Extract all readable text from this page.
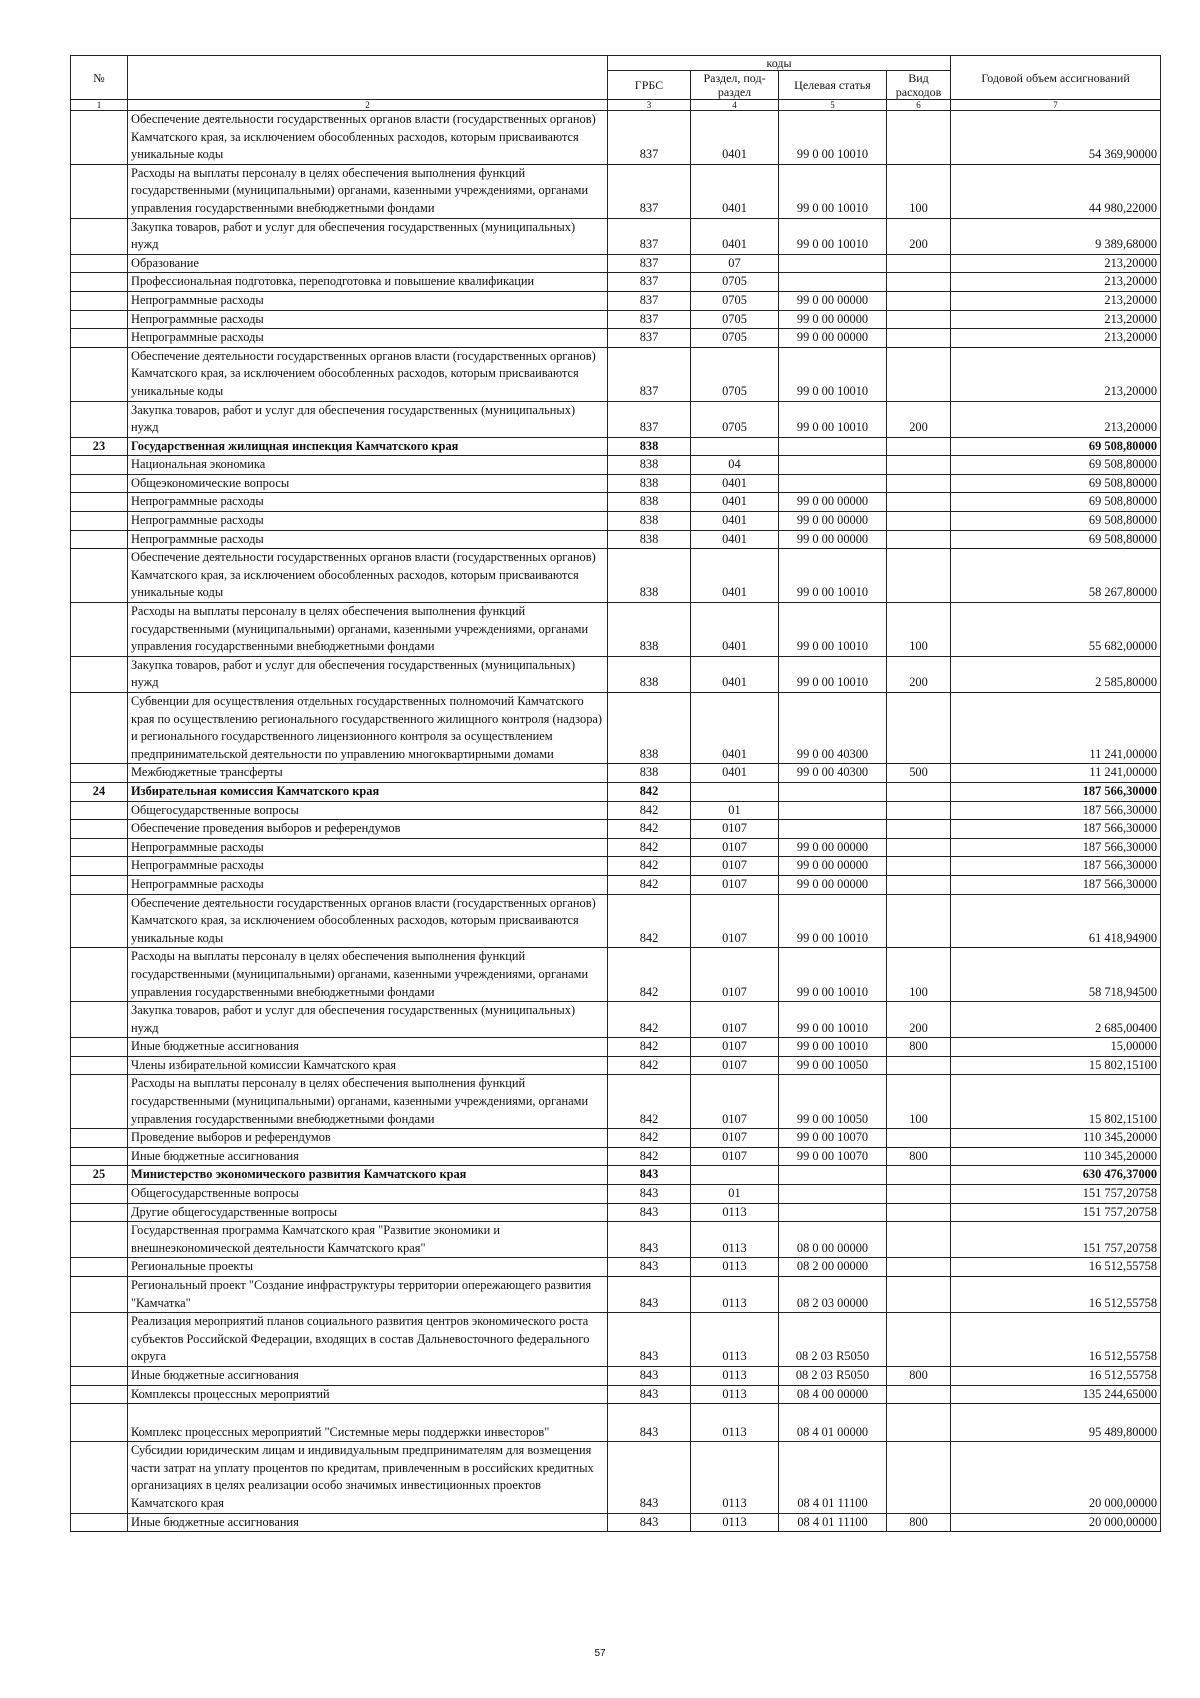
№		коды				Годовой объем ассигнований
		ГРБС	Раздел, под-раздел	Целевая статья	Вид расходов	
1	2	3	4	5	6	7
	Обеспечение деятельности государственных органов власти (государственных органов) Камчатского края, за исключением обособленных расходов, которым присваиваются уникальные коды	837	0401	99 0 00 10010		54 369,90000
	Расходы на выплаты персоналу в целях обеспечения выполнения функций государственными (муниципальными) органами, казенными учреждениями, органами управления государственными внебюджетными фондами	837	0401	99 0 00 10010	100	44 980,22000
	Закупка товаров, работ и услуг для обеспечения государственных (муниципальных) нужд	837	0401	99 0 00 10010	200	9 389,68000
	Образование	837	07			213,20000
	Профессиональная подготовка, переподготовка и повышение квалификации	837	0705			213,20000
	Непрограммные расходы	837	0705	99 0 00 00000		213,20000
	Непрограммные расходы	837	0705	99 0 00 00000		213,20000
	Непрограммные расходы	837	0705	99 0 00 00000		213,20000
	Обеспечение деятельности государственных органов власти (государственных органов) Камчатского края, за исключением обособленных расходов, которым присваиваются уникальные коды	837	0705	99 0 00 10010		213,20000
	Закупка товаров, работ и услуг для обеспечения государственных (муниципальных) нужд	837	0705	99 0 00 10010	200	213,20000
23	Государственная жилищная инспекция Камчатского края	838				69 508,80000
	Национальная экономика	838	04			69 508,80000
	Общеэкономические вопросы	838	0401			69 508,80000
	Непрограммные расходы	838	0401	99 0 00 00000		69 508,80000
	Непрограммные расходы	838	0401	99 0 00 00000		69 508,80000
	Непрограммные расходы	838	0401	99 0 00 00000		69 508,80000
	Обеспечение деятельности государственных органов власти (государственных органов) Камчатского края, за исключением обособленных расходов, которым присваиваются уникальные коды	838	0401	99 0 00 10010		58 267,80000
	Расходы на выплаты персоналу в целях обеспечения выполнения функций государственными (муниципальными) органами, казенными учреждениями, органами управления государственными внебюджетными фондами	838	0401	99 0 00 10010	100	55 682,00000
	Закупка товаров, работ и услуг для обеспечения государственных (муниципальных) нужд	838	0401	99 0 00 10010	200	2 585,80000
	Субвенции для осуществления отдельных государственных полномочий Камчатского края по осуществлению регионального государственного жилищного контроля (надзора) и регионального государственного лицензионного контроля за осуществлением предпринимательской деятельности по управлению многоквартирными домами	838	0401	99 0 00 40300		11 241,00000
	Межбюджетные трансферты	838	0401	99 0 00 40300	500	11 241,00000
24	Избирательная комиссия Камчатского края	842				187 566,30000
	Общегосударственные вопросы	842	01			187 566,30000
	Обеспечение проведения выборов и референдумов	842	0107			187 566,30000
	Непрограммные расходы	842	0107	99 0 00 00000		187 566,30000
	Непрограммные расходы	842	0107	99 0 00 00000		187 566,30000
	Непрограммные расходы	842	0107	99 0 00 00000		187 566,30000
	Обеспечение деятельности государственных органов власти (государственных органов) Камчатского края, за исключением обособленных расходов, которым присваиваются уникальные коды	842	0107	99 0 00 10010		61 418,94900
	Расходы на выплаты персоналу в целях обеспечения выполнения функций государственными (муниципальными) органами, казенными учреждениями, органами управления государственными внебюджетными фондами	842	0107	99 0 00 10010	100	58 718,94500
	Закупка товаров, работ и услуг для обеспечения государственных (муниципальных) нужд	842	0107	99 0 00 10010	200	2 685,00400
	Иные бюджетные ассигнования	842	0107	99 0 00 10010	800	15,00000
	Члены избирательной комиссии Камчатского края	842	0107	99 0 00 10050		15 802,15100
	Расходы на выплаты персоналу в целях обеспечения выполнения функций государственными (муниципальными) органами, казенными учреждениями, органами управления государственными внебюджетными фондами	842	0107	99 0 00 10050	100	15 802,15100
	Проведение выборов и референдумов	842	0107	99 0 00 10070		110 345,20000
	Иные бюджетные ассигнования	842	0107	99 0 00 10070	800	110 345,20000
25	Министерство экономического развития Камчатского края	843				630 476,37000
	Общегосударственные вопросы	843	01			151 757,20758
	Другие общегосударственные вопросы	843	0113			151 757,20758
	Государственная программа Камчатского края "Развитие экономики и внешнеэкономической деятельности Камчатского края"	843	0113	08 0 00 00000		151 757,20758
	Региональные проекты	843	0113	08 2 00 00000		16 512,55758
	Региональный проект "Создание инфраструктуры территории опережающего развития "Камчатка"	843	0113	08 2 03 00000		16 512,55758
	Реализация мероприятий планов социального развития центров экономического роста субъектов Российской Федерации, входящих в состав Дальневосточного федерального округа	843	0113	08 2 03 R5050		16 512,55758
	Иные бюджетные ассигнования	843	0113	08 2 03 R5050	800	16 512,55758
	Комплексы процессных мероприятий	843	0113	08 4 00 00000		135 244,65000
	Комплекс процессных мероприятий "Системные меры поддержки инвесторов"	843	0113	08 4 01 00000		95 489,80000
	Субсидии юридическим лицам и индивидуальным предпринимателям для возмещения части затрат на уплату процентов по кредитам, привлеченным в российских кредитных организациях в целях реализации особо значимых инвестиционных проектов Камчатского края	843	0113	08 4 01 11100		20 000,00000
	Иные бюджетные ассигнования	843	0113	08 4 01 11100	800	20 000,00000
57
